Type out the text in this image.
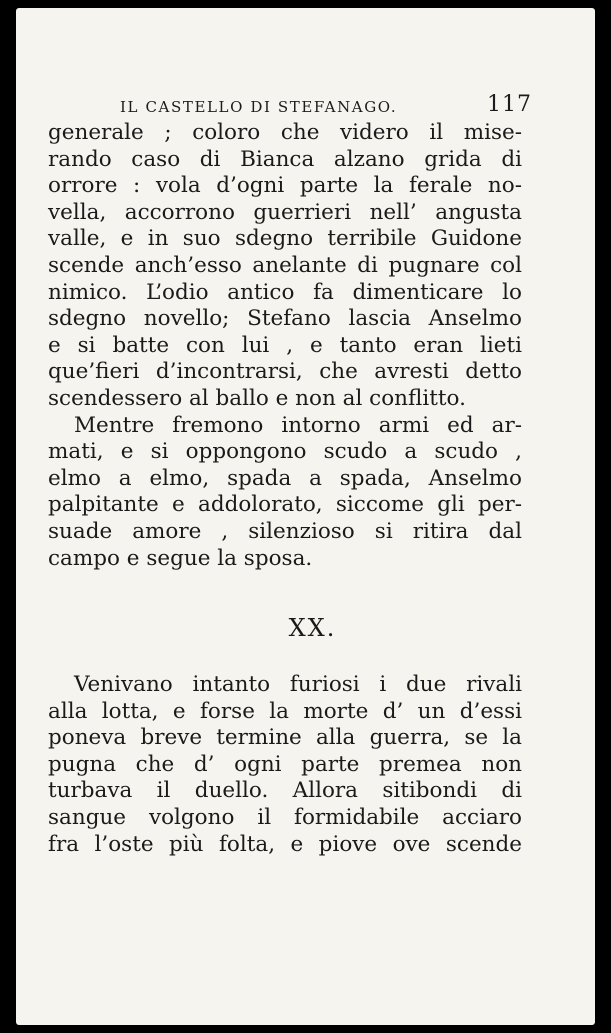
IL CASTELLO DI STEFANAGO.	117
generale ; coloro che videro il mise-
rando caso di Bianca alzano grida di
orrore : vola d’ogni parte la ferale no-
vella, accorrono guerrieri nell’ angusta
valle, e in suo sdegno terribile Guidone
scende anch’esso anelante di pugnare col
nimico. L’odio antico fa dimenticare lo
sdegno novello; Stefano lascia Anselmo
e si batte con lui , e tanto eran lieti
que’fieri d’incontrarsi, che avresti detto
scendessero al ballo e non al conflitto.
Mentre fremono intorno armi ed ar-
mati, e si oppongono scudo a scudo ,
elmo a elmo, spada a spada, Anselmo
palpitante e addolorato, siccome gli per-
suade amore , silenzioso si ritira dal
campo e segue la sposa.
XX.
Venivano intanto furiosi i due rivali
alla lotta, e forse la morte d’ un d’essi
poneva breve termine alla guerra, se la
pugna che d’ ogni parte premea non
turbava il duello. Allora sitibondi di
sangue volgono il formidabile acciaro
fra l’oste più folta, e piove ove scende
